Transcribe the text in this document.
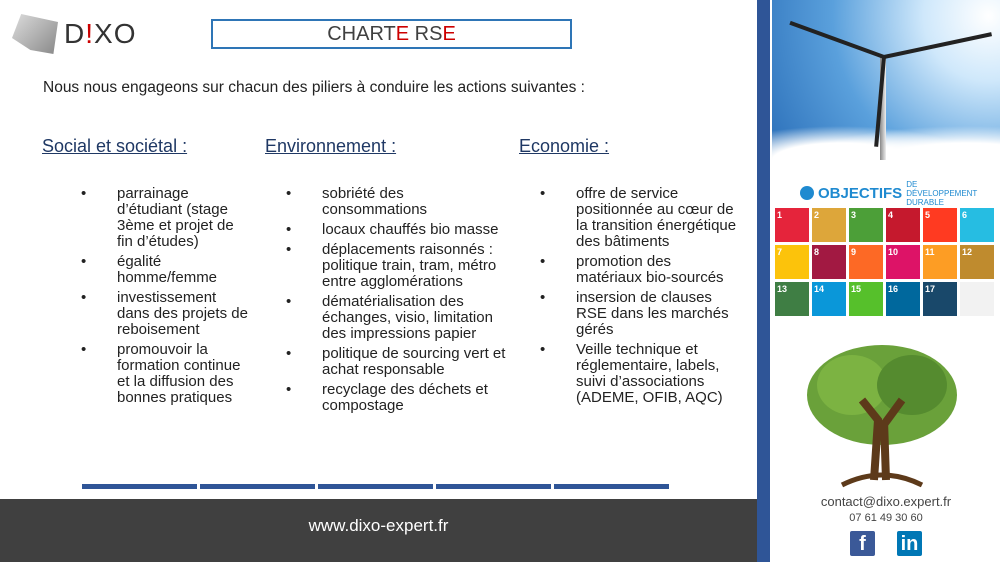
D!XO	CHARTE RSE
Nous nous engageons sur chacun des piliers à conduire les actions suivantes :
Social et sociétal :
• parrainage d’étudiant (stage 3ème et projet de fin d’études)
• égalité homme/femme
• investissement dans des projets de reboisement
• promouvoir la formation continue et la diffusion des bonnes pratiques
Environnement :
• sobriété des consommations
• locaux chauffés bio masse
• déplacements raisonnés : politique train, tram, métro entre agglomérations
• dématérialisation des échanges, visio, limitation des impressions papier
• politique de sourcing vert et achat responsable
• recyclage des déchets et compostage
Economie :
• offre de service positionnée au cœur de la transition énergétique des bâtiments
• promotion des matériaux bio-sourcés
• insersion de clauses RSE dans les marchés gérés
• Veille technique et réglementaire, labels, suivi d’associations (ADEME, OFIB, AQC)
www.dixo-expert.fr
OBJECTIFS
DE DÉVELOPPEMENT DURABLE
1	2	3	4	5	6
7	8	9	10	11	12
13	14	15	16	17
contact@dixo.expert.fr
07 61 49 30 60
f	in
